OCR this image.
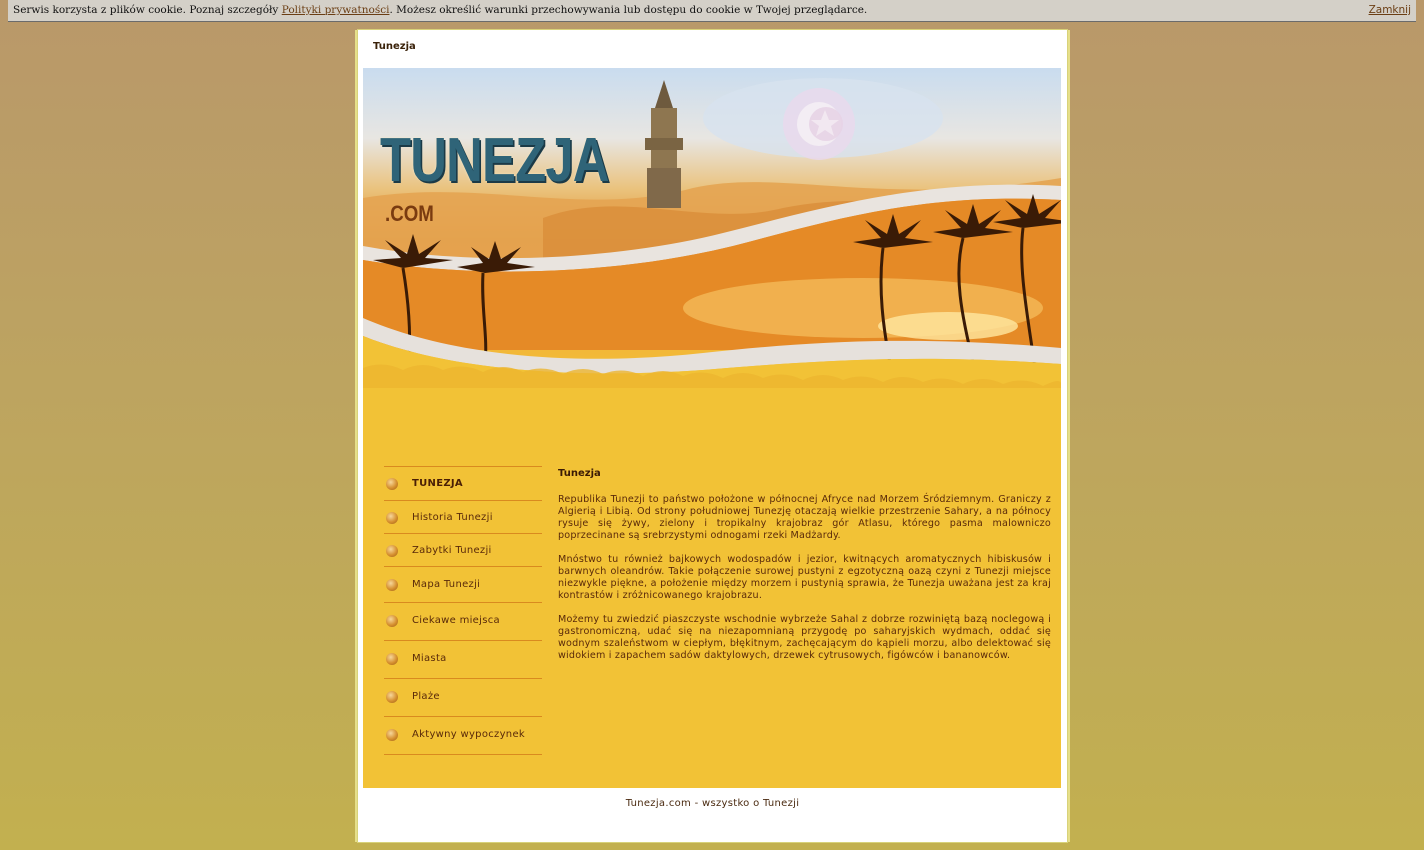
Serwis korzysta z plików cookie. Poznaj szczegóły Polityki prywatności. Możesz określić warunki przechowywania lub dostępu do cookie w Twojej przeglądarce.	Zamknij
Tunezja
TUNEZJA
.COM
TUNEZJA
Historia Tunezji
Zabytki Tunezji
Mapa Tunezji
Ciekawe miejsca
Miasta
Plaże
Aktywny wypoczynek
Tunezja

Republika Tunezji to państwo położone w północnej Afryce nad Morzem Śródziemnym. Graniczy z Algierią i Libią. Od strony południowej Tunezję otaczają wielkie przestrzenie Sahary, a na północy rysuje się żywy, zielony i tropikalny krajobraz gór Atlasu, którego pasma malowniczo poprzecinane są srebrzystymi odnogami rzeki Madżardy.

Mnóstwo tu również bajkowych wodospadów i jezior, kwitnących aromatycznych hibiskusów i barwnych oleandrów. Takie połączenie surowej pustyni z egzotyczną oazą czyni z Tunezji miejsce niezwykle piękne, a położenie między morzem i pustynią sprawia, że Tunezja uważana jest za kraj kontrastów i zróżnicowanego krajobrazu.

Możemy tu zwiedzić piaszczyste wschodnie wybrzeże Sahal z dobrze rozwiniętą bazą noclegową i gastronomiczną, udać się na niezapomnianą przygodę po saharyjskich wydmach, oddać się wodnym szaleństwom w ciepłym, błękitnym, zachęcającym do kąpieli morzu, albo delektować się widokiem i zapachem sadów daktylowych, drzewek cytrusowych, figówców i bananowców.

Tunezja.com - wszystko o Tunezji
